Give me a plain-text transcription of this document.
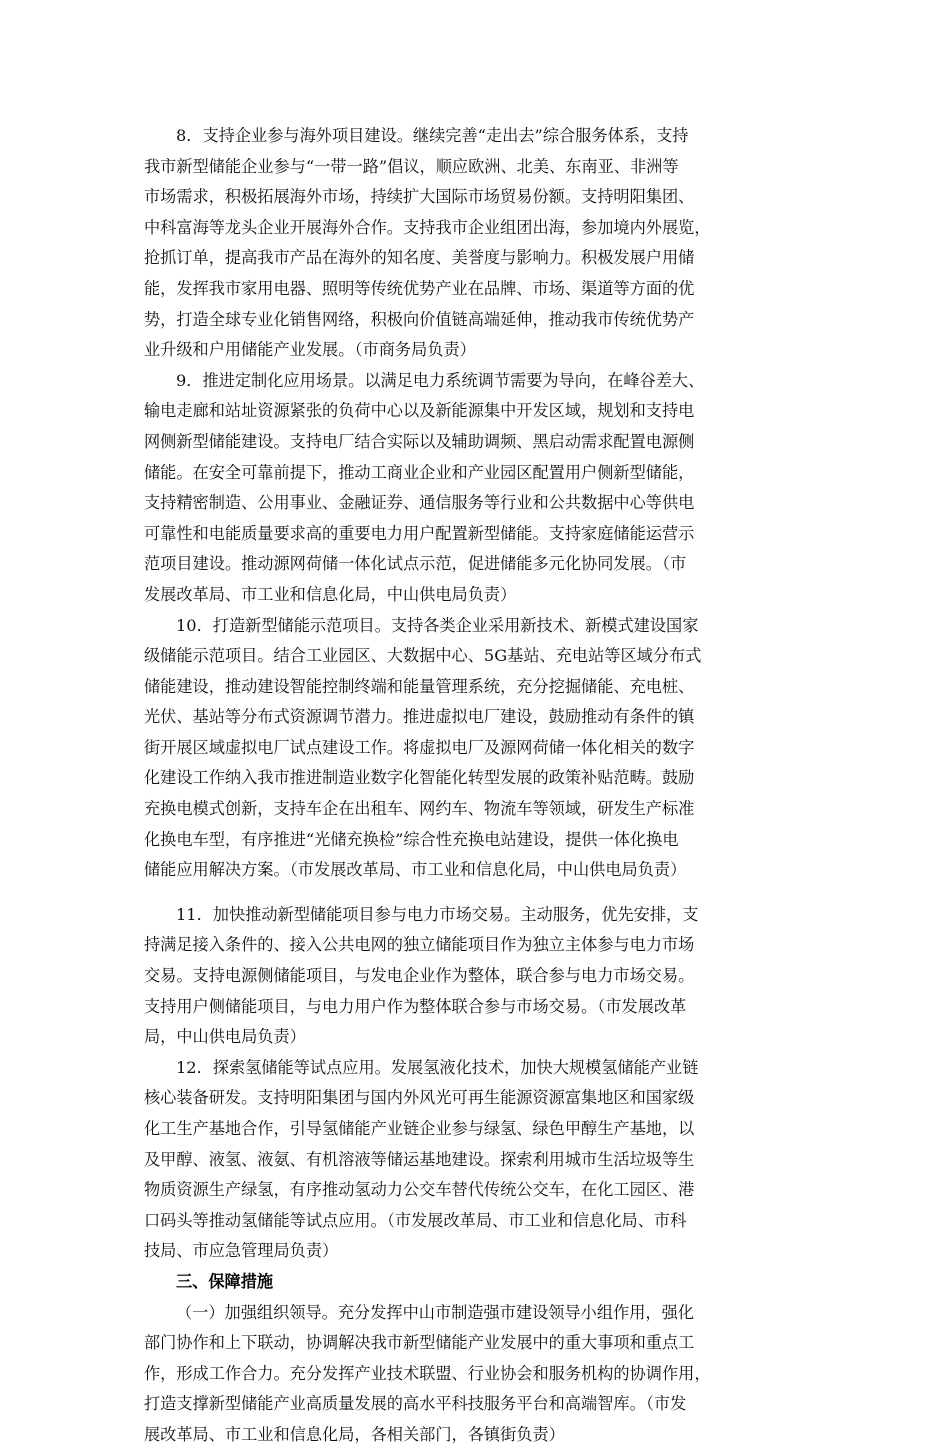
8．支持企业参与海外项目建设。继续完善“走出去”综合服务体系，支持
我市新型储能企业参与“一带一路”倡议，顺应欧洲、北美、东南亚、非洲等
市场需求，积极拓展海外市场，持续扩大国际市场贸易份额。支持明阳集团、
中科富海等龙头企业开展海外合作。支持我市企业组团出海，参加境内外展览，
抢抓订单，提高我市产品在海外的知名度、美誉度与影响力。积极发展户用储
能，发挥我市家用电器、照明等传统优势产业在品牌、市场、渠道等方面的优
势，打造全球专业化销售网络，积极向价值链高端延伸，推动我市传统优势产
业升级和户用储能产业发展。（市商务局负责）
9．推进定制化应用场景。以满足电力系统调节需要为导向，在峰谷差大、
输电走廊和站址资源紧张的负荷中心以及新能源集中开发区域，规划和支持电
网侧新型储能建设。支持电厂结合实际以及辅助调频、黑启动需求配置电源侧
储能。在安全可靠前提下，推动工商业企业和产业园区配置用户侧新型储能，
支持精密制造、公用事业、金融证券、通信服务等行业和公共数据中心等供电
可靠性和电能质量要求高的重要电力用户配置新型储能。支持家庭储能运营示
范项目建设。推动源网荷储一体化试点示范，促进储能多元化协同发展。（市
发展改革局、市工业和信息化局，中山供电局负责）
10．打造新型储能示范项目。支持各类企业采用新技术、新模式建设国家
级储能示范项目。结合工业园区、大数据中心、5G基站、充电站等区域分布式
储能建设，推动建设智能控制终端和能量管理系统，充分挖掘储能、充电桩、
光伏、基站等分布式资源调节潜力。推进虚拟电厂建设，鼓励推动有条件的镇
街开展区域虚拟电厂试点建设工作。将虚拟电厂及源网荷储一体化相关的数字
化建设工作纳入我市推进制造业数字化智能化转型发展的政策补贴范畴。鼓励
充换电模式创新，支持车企在出租车、网约车、物流车等领域，研发生产标准
化换电车型，有序推进“光储充换检”综合性充换电站建设，提供一体化换电
储能应用解决方案。（市发展改革局、市工业和信息化局，中山供电局负责）
11．加快推动新型储能项目参与电力市场交易。主动服务，优先安排，支
持满足接入条件的、接入公共电网的独立储能项目作为独立主体参与电力市场
交易。支持电源侧储能项目，与发电企业作为整体，联合参与电力市场交易。
支持用户侧储能项目，与电力用户作为整体联合参与市场交易。（市发展改革
局，中山供电局负责）
12．探索氢储能等试点应用。发展氢液化技术，加快大规模氢储能产业链
核心装备研发。支持明阳集团与国内外风光可再生能源资源富集地区和国家级
化工生产基地合作，引导氢储能产业链企业参与绿氢、绿色甲醇生产基地，以
及甲醇、液氢、液氨、有机溶液等储运基地建设。探索利用城市生活垃圾等生
物质资源生产绿氢，有序推动氢动力公交车替代传统公交车，在化工园区、港
口码头等推动氢储能等试点应用。（市发展改革局、市工业和信息化局、市科
技局、市应急管理局负责）
三、保障措施
（一）加强组织领导。充分发挥中山市制造强市建设领导小组作用，强化
部门协作和上下联动，协调解决我市新型储能产业发展中的重大事项和重点工
作，形成工作合力。充分发挥产业技术联盟、行业协会和服务机构的协调作用，
打造支撑新型储能产业高质量发展的高水平科技服务平台和高端智库。（市发
展改革局、市工业和信息化局，各相关部门，各镇街负责）
